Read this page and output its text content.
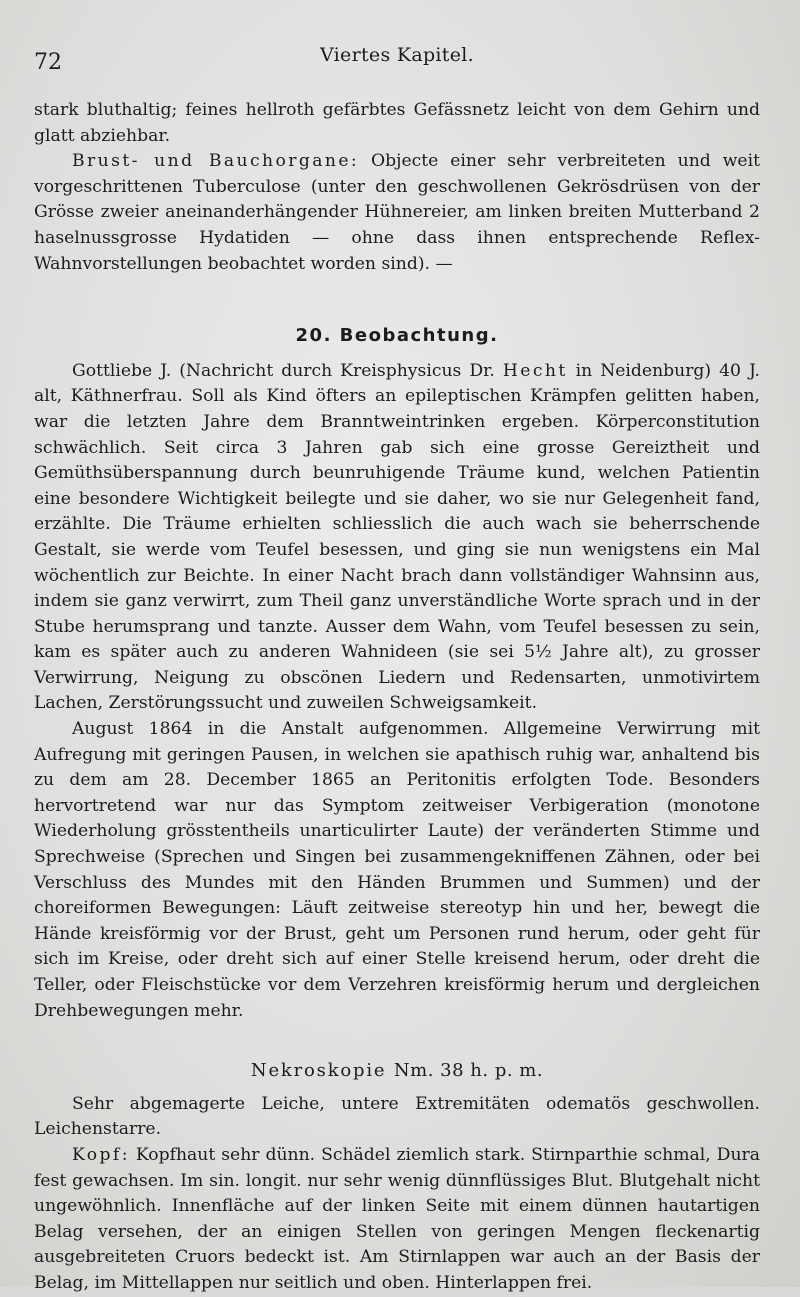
72	Viertes Kapitel.

stark bluthaltig; feines hellroth gefärbtes Gefässnetz leicht von dem Gehirn und glatt abziehbar.

Brust- und Bauchorgane: Objecte einer sehr verbreiteten und weit vorgeschrittenen Tuberculose (unter den geschwollenen Gekrösdrüsen von der Grösse zweier aneinanderhängender Hühnereier, am linken breiten Mutterband 2 haselnussgrosse Hydatiden — ohne dass ihnen entsprechende Reflex-Wahnvorstellungen beobachtet worden sind). —

20. Beobachtung.

Gottliebe J. (Nachricht durch Kreisphysicus Dr. Hecht in Neidenburg) 40 J. alt, Käthnerfrau. Soll als Kind öfters an epileptischen Krämpfen gelitten haben, war die letzten Jahre dem Branntweintrinken ergeben. Körperconstitution schwächlich. Seit circa 3 Jahren gab sich eine grosse Gereiztheit und Gemüthsüberspannung durch beunruhigende Träume kund, welchen Patientin eine besondere Wichtigkeit beilegte und sie daher, wo sie nur Gelegenheit fand, erzählte. Die Träume erhielten schliesslich die auch wach sie beherrschende Gestalt, sie werde vom Teufel besessen, und ging sie nun wenigstens ein Mal wöchentlich zur Beichte. In einer Nacht brach dann vollständiger Wahnsinn aus, indem sie ganz verwirrt, zum Theil ganz unverständliche Worte sprach und in der Stube herumsprang und tanzte. Ausser dem Wahn, vom Teufel besessen zu sein, kam es später auch zu anderen Wahnideen (sie sei 5½ Jahre alt), zu grosser Verwirrung, Neigung zu obscönen Liedern und Redensarten, unmotivirtem Lachen, Zerstörungssucht und zuweilen Schweigsamkeit.

August 1864 in die Anstalt aufgenommen. Allgemeine Verwirrung mit Aufregung mit geringen Pausen, in welchen sie apathisch ruhig war, anhaltend bis zu dem am 28. December 1865 an Peritonitis erfolgten Tode. Besonders hervortretend war nur das Symptom zeitweiser Verbigeration (monotone Wiederholung grösstentheils unarticulirter Laute) der veränderten Stimme und Sprechweise (Sprechen und Singen bei zusammengekniffenen Zähnen, oder bei Verschluss des Mundes mit den Händen Brummen und Summen) und der choreiformen Bewegungen: Läuft zeitweise stereotyp hin und her, bewegt die Hände kreisförmig vor der Brust, geht um Personen rund herum, oder geht für sich im Kreise, oder dreht sich auf einer Stelle kreisend herum, oder dreht die Teller, oder Fleischstücke vor dem Verzehren kreisförmig herum und dergleichen Drehbewegungen mehr.

Nekroskopie Nm. 38 h. p. m.

Sehr abgemagerte Leiche, untere Extremitäten odematös geschwollen. Leichenstarre.

Kopf: Kopfhaut sehr dünn. Schädel ziemlich stark. Stirnparthie schmal, Dura fest gewachsen. Im sin. longit. nur sehr wenig dünnflüssiges Blut. Blutgehalt nicht ungewöhnlich. Innenfläche auf der linken Seite mit einem dünnen hautartigen Belag versehen, der an einigen Stellen von geringen Mengen fleckenartig ausgebreiteten Cruors bedeckt ist. Am Stirnlappen war auch an der Basis der Belag, im Mittellappen nur seitlich und oben. Hinterlappen frei.
